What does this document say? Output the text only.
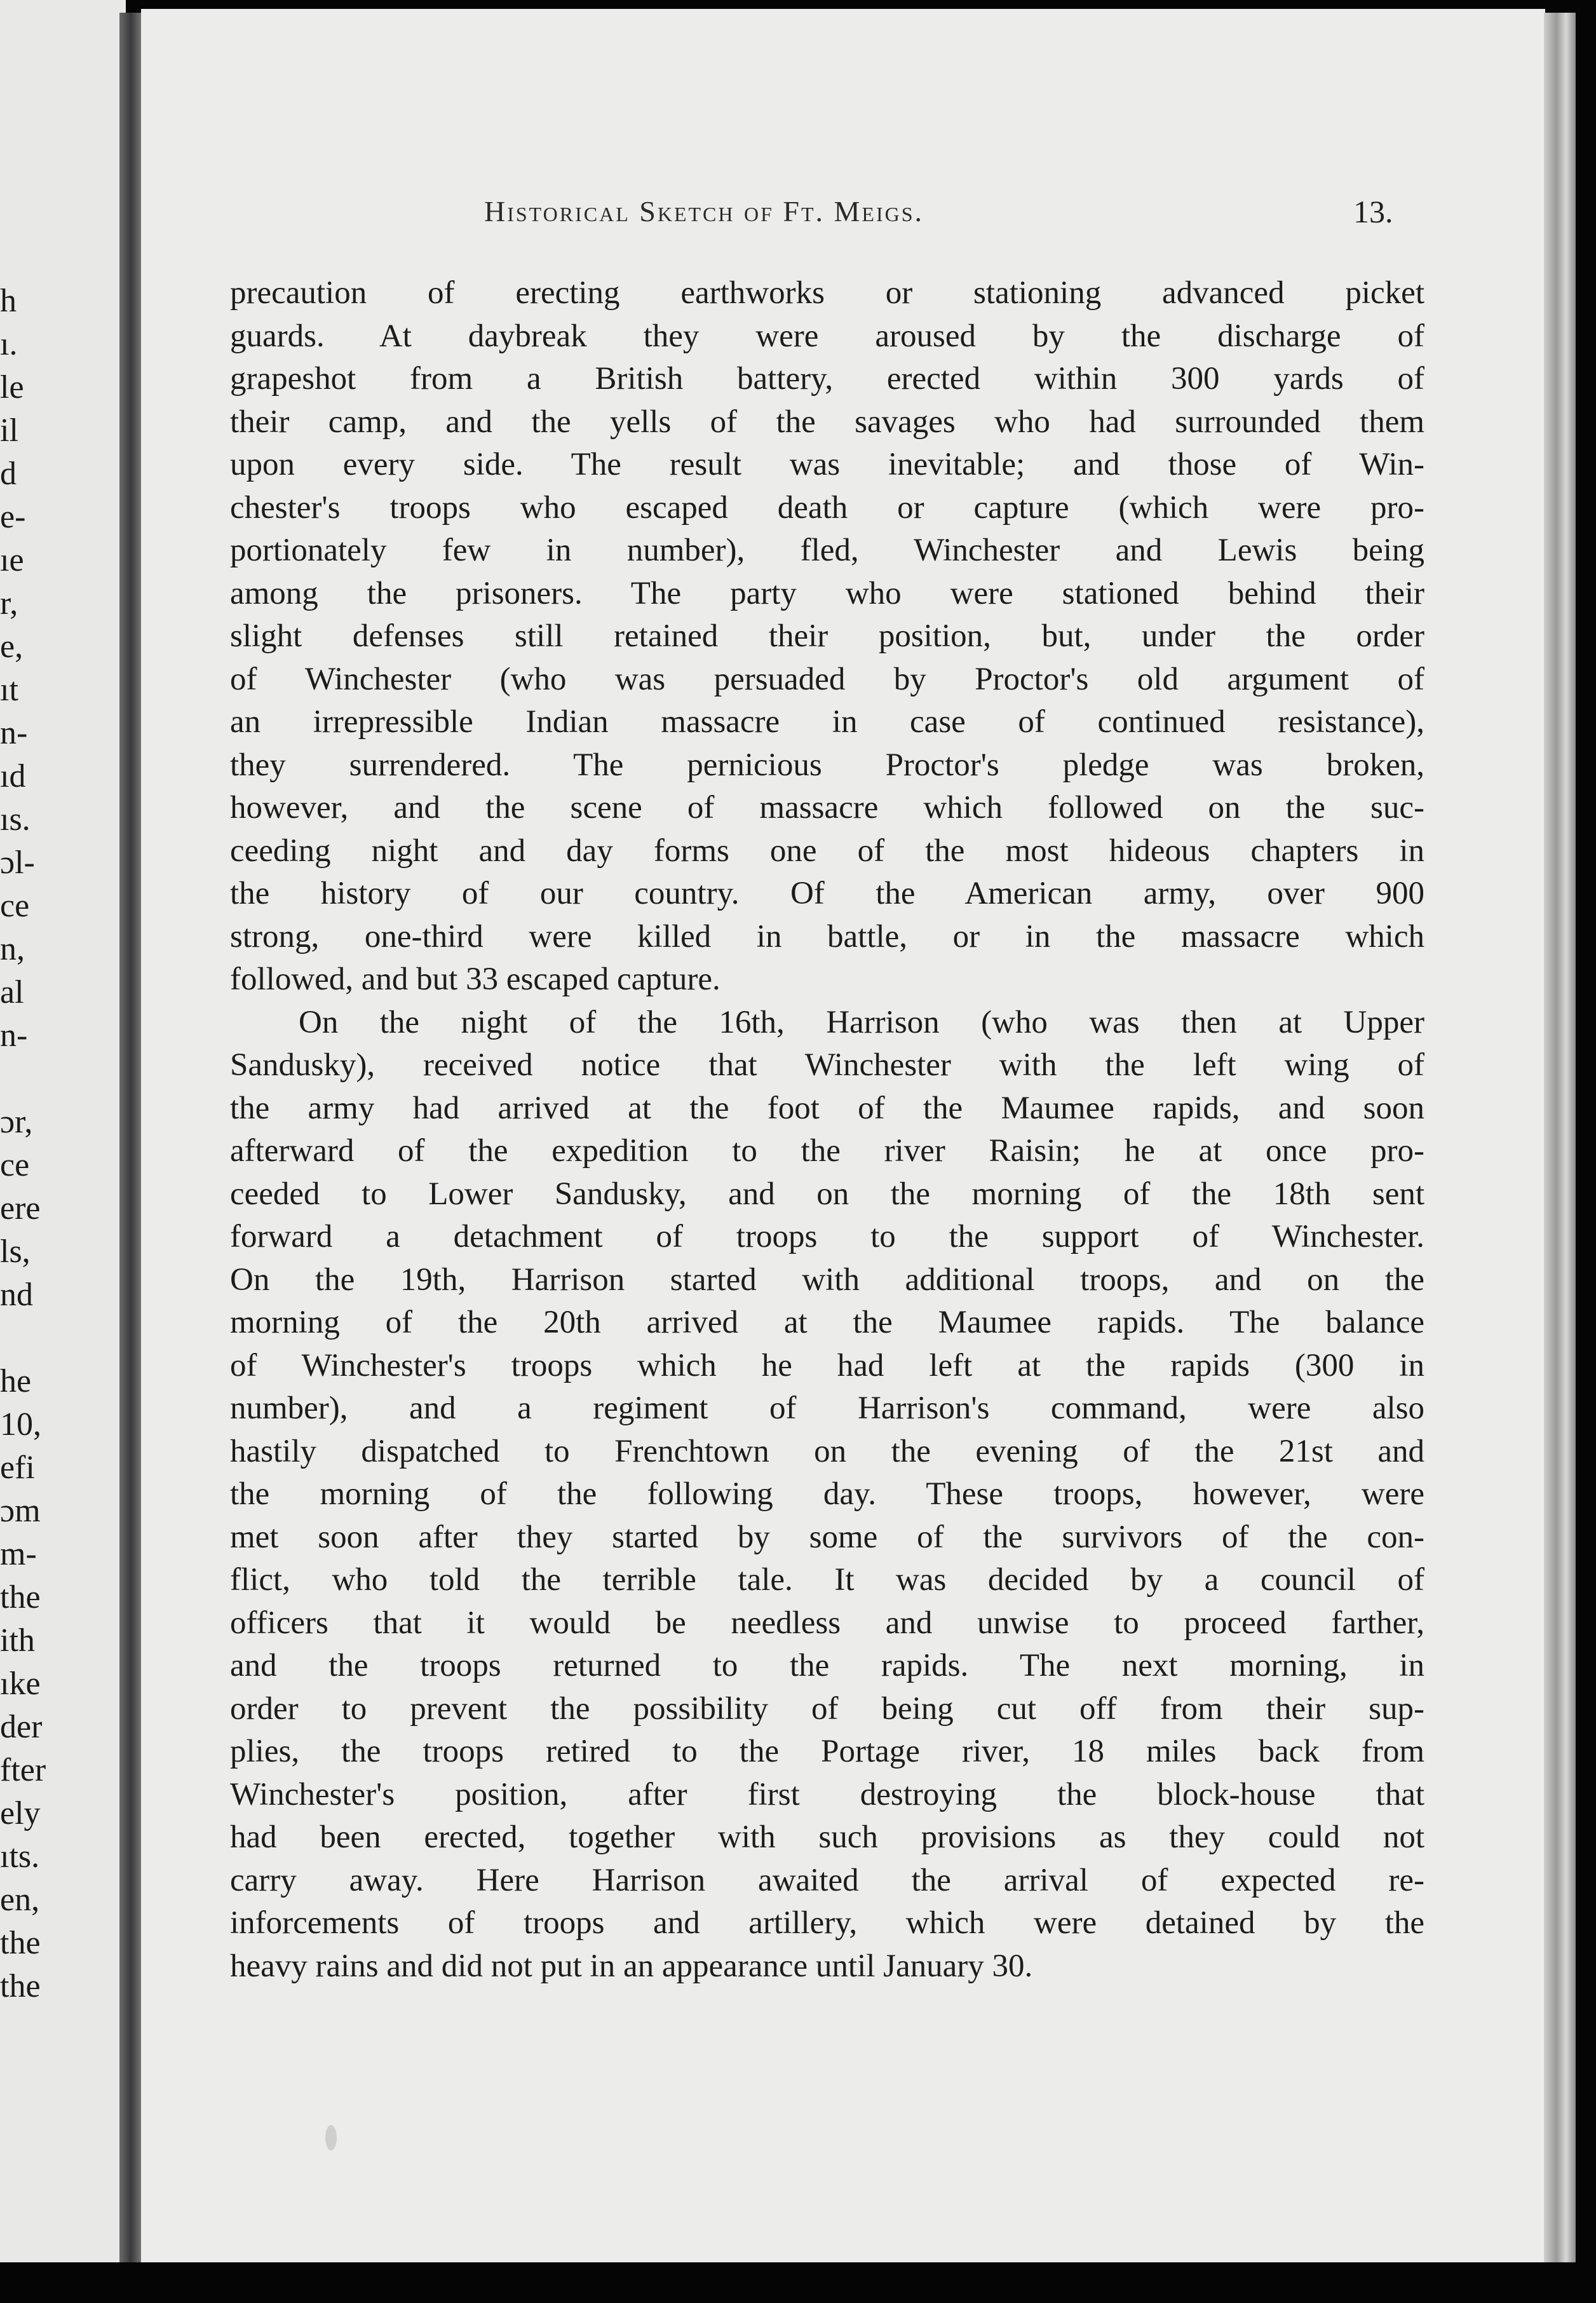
h
ı.
le
il
d
e-
ıe
r,
e,
ıt
n-
ıd
ıs.
ɔl-
ce
n,
al
n-
ɔr,
ce
ere
ls,
nd
he
10,
efi
ɔm
m-
the
ith
ıke
der
fter
ely
ıts.
en,
the
the
Historical Sketch of Ft. Meigs.	13.
precaution of erecting earthworks or stationing advanced picket
guards. At daybreak they were aroused by the discharge of
grapeshot from a British battery, erected within 300 yards of
their camp, and the yells of the savages who had surrounded them
upon every side. The result was inevitable; and those of Win-
chester's troops who escaped death or capture (which were pro-
portionately few in number), fled, Winchester and Lewis being
among the prisoners. The party who were stationed behind their
slight defenses still retained their position, but, under the order
of Winchester (who was persuaded by Proctor's old argument of
an irrepressible Indian massacre in case of continued resistance),
they surrendered. The pernicious Proctor's pledge was broken,
however, and the scene of massacre which followed on the suc-
ceeding night and day forms one of the most hideous chapters in
the history of our country. Of the American army, over 900
strong, one-third were killed in battle, or in the massacre which
followed, and but 33 escaped capture.
On the night of the 16th, Harrison (who was then at Upper
Sandusky), received notice that Winchester with the left wing of
the army had arrived at the foot of the Maumee rapids, and soon
afterward of the expedition to the river Raisin; he at once pro-
ceeded to Lower Sandusky, and on the morning of the 18th sent
forward a detachment of troops to the support of Winchester.
On the 19th, Harrison started with additional troops, and on the
morning of the 20th arrived at the Maumee rapids. The balance
of Winchester's troops which he had left at the rapids (300 in
number), and a regiment of Harrison's command, were also
hastily dispatched to Frenchtown on the evening of the 21st and
the morning of the following day. These troops, however, were
met soon after they started by some of the survivors of the con-
flict, who told the terrible tale. It was decided by a council of
officers that it would be needless and unwise to proceed farther,
and the troops returned to the rapids. The next morning, in
order to prevent the possibility of being cut off from their sup-
plies, the troops retired to the Portage river, 18 miles back from
Winchester's position, after first destroying the block-house that
had been erected, together with such provisions as they could not
carry away. Here Harrison awaited the arrival of expected re-
inforcements of troops and artillery, which were detained by the
heavy rains and did not put in an appearance until January 30.
